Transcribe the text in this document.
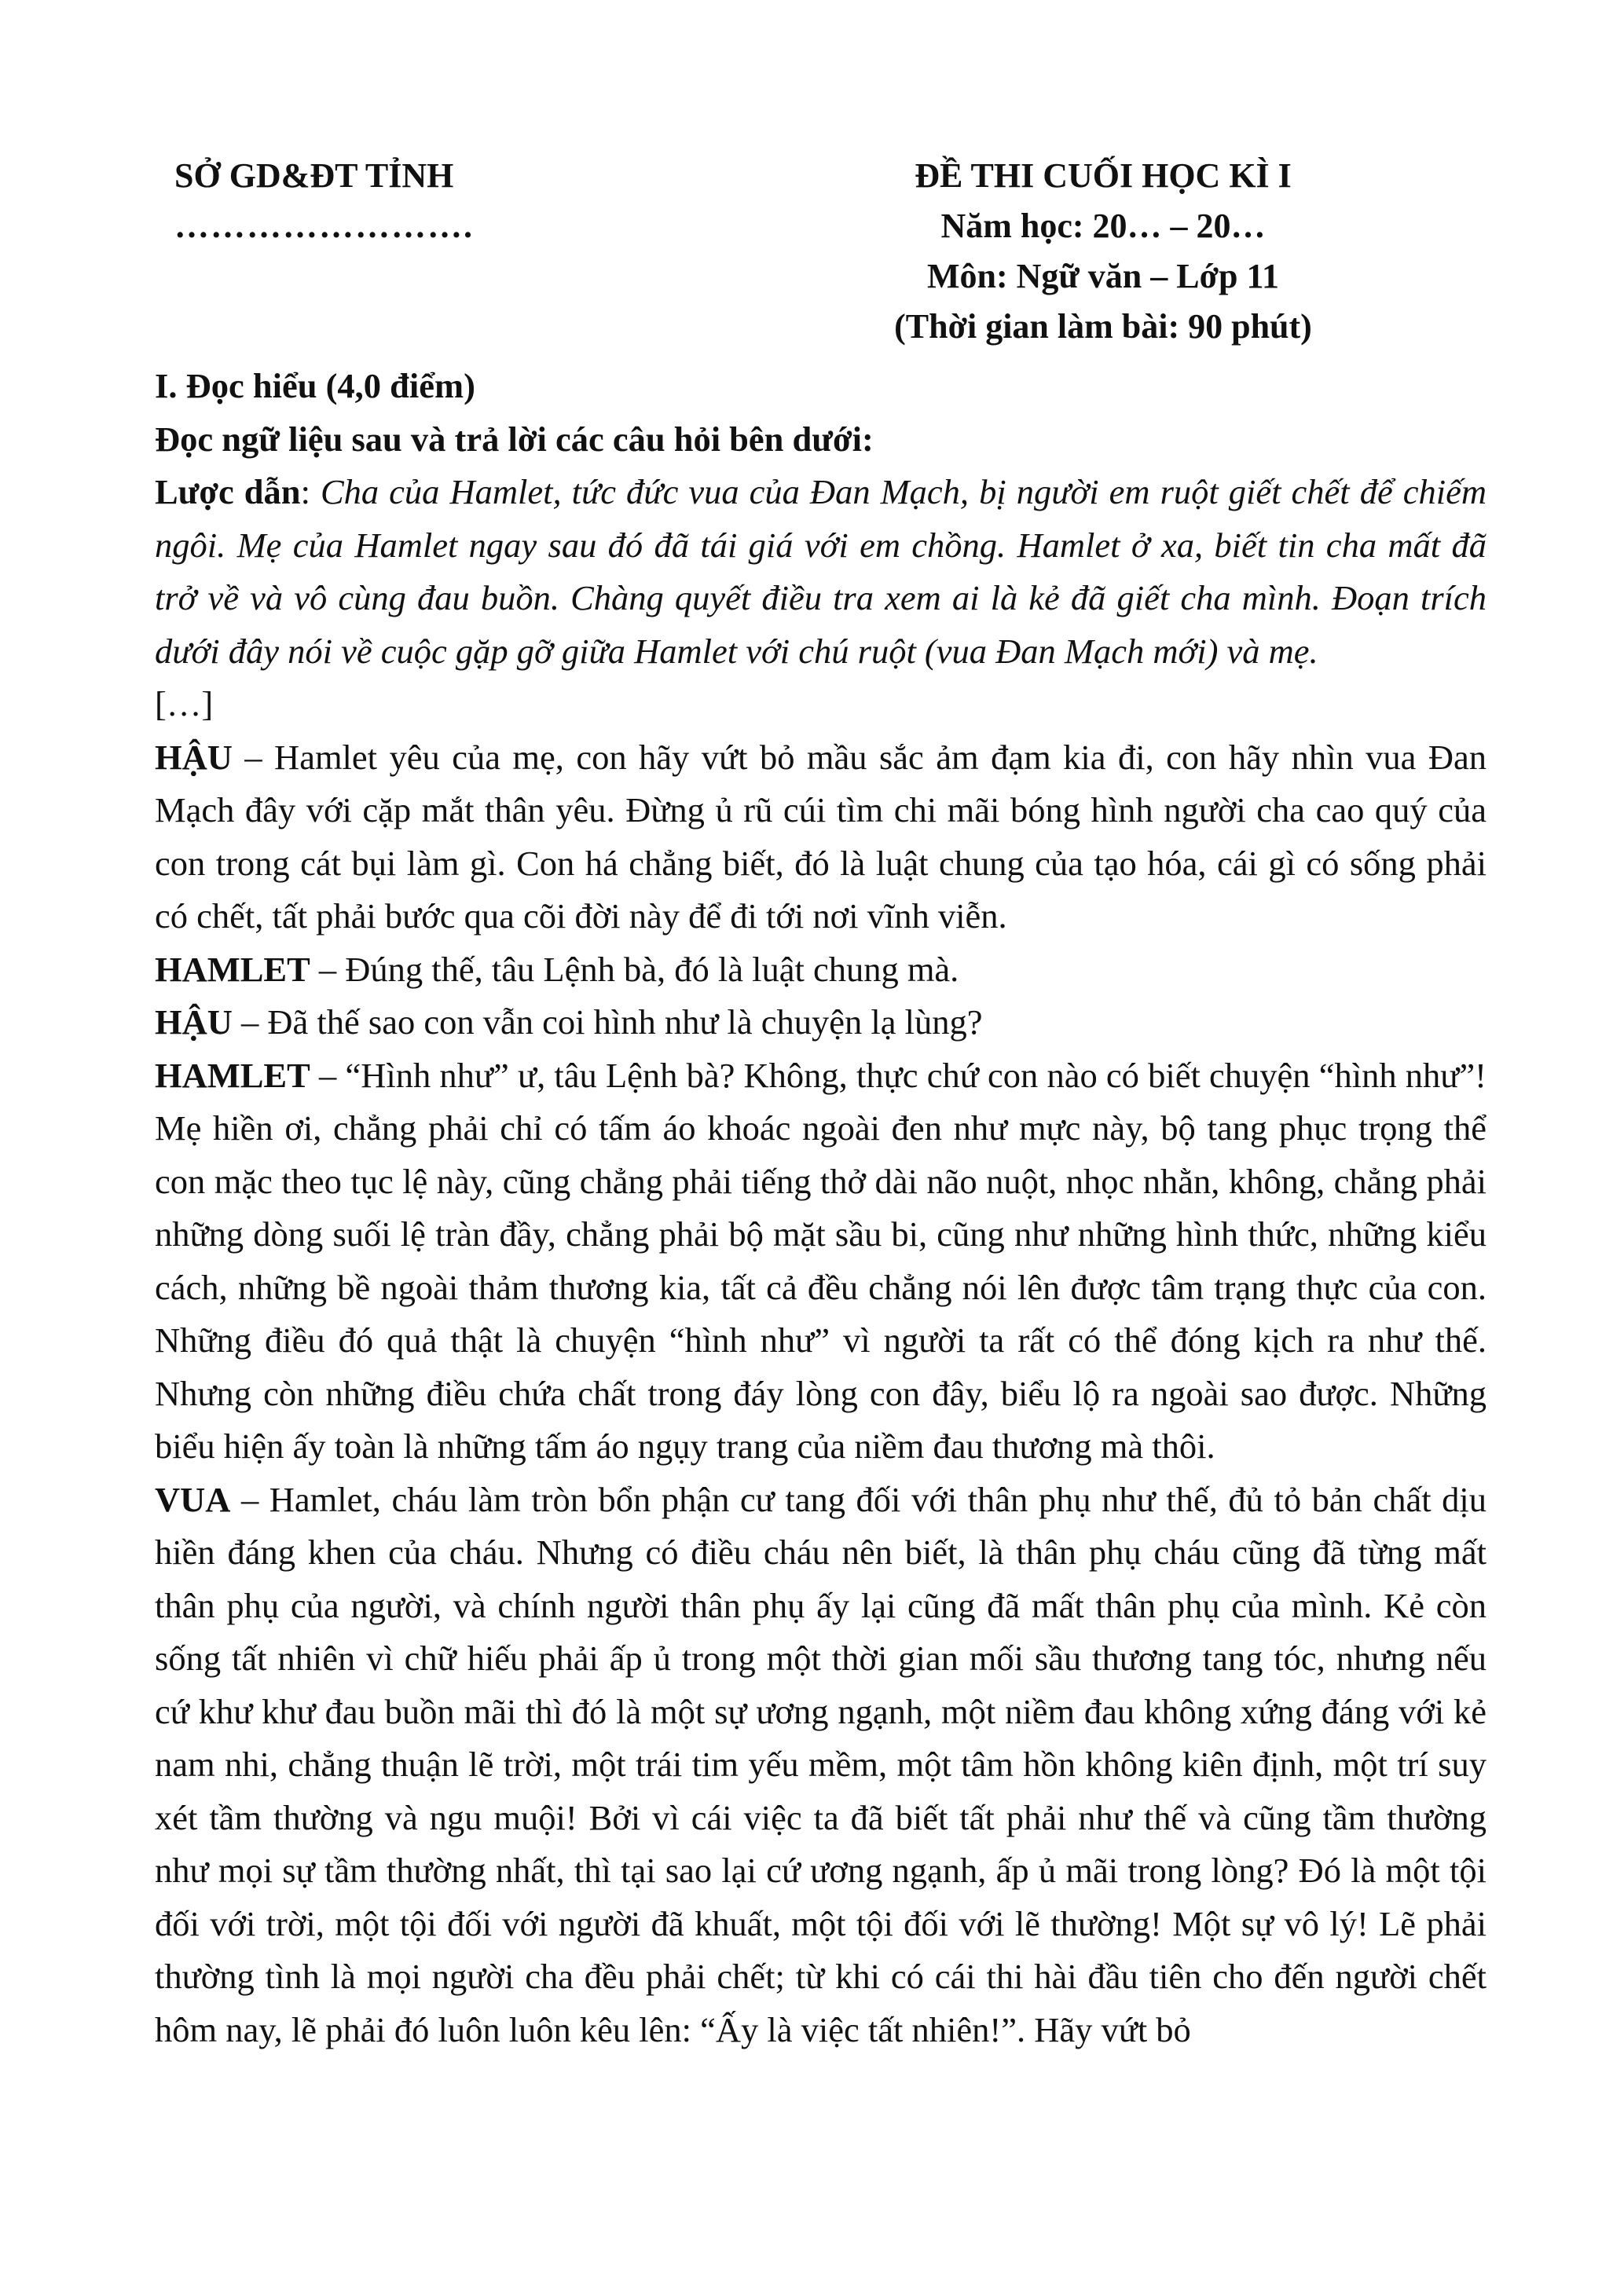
SỞ GD&ĐT TỈNH
…………………….
ĐỀ THI CUỐI HỌC KÌ I
Năm học: 20… – 20…
Môn: Ngữ văn – Lớp 11
(Thời gian làm bài: 90 phút)

I. Đọc hiểu (4,0 điểm)

Đọc ngữ liệu sau và trả lời các câu hỏi bên dưới:

Lược dẫn: Cha của Hamlet, tức đức vua của Đan Mạch, bị người em ruột giết chết để chiếm ngôi. Mẹ của Hamlet ngay sau đó đã tái giá với em chồng. Hamlet ở xa, biết tin cha mất đã trở về và vô cùng đau buồn. Chàng quyết điều tra xem ai là kẻ đã giết cha mình. Đoạn trích dưới đây nói về cuộc gặp gỡ giữa Hamlet với chú ruột (vua Đan Mạch mới) và mẹ.

[…]

HẬU – Hamlet yêu của mẹ, con hãy vứt bỏ mầu sắc ảm đạm kia đi, con hãy nhìn vua Đan Mạch đây với cặp mắt thân yêu. Đừng ủ rũ cúi tìm chi mãi bóng hình người cha cao quý của con trong cát bụi làm gì. Con há chẳng biết, đó là luật chung của tạo hóa, cái gì có sống phải có chết, tất phải bước qua cõi đời này để đi tới nơi vĩnh viễn.

HAMLET – Đúng thế, tâu Lệnh bà, đó là luật chung mà.

HẬU – Đã thế sao con vẫn coi hình như là chuyện lạ lùng?

HAMLET – “Hình như” ư, tâu Lệnh bà? Không, thực chứ con nào có biết chuyện “hình như”! Mẹ hiền ơi, chẳng phải chỉ có tấm áo khoác ngoài đen như mực này, bộ tang phục trọng thể con mặc theo tục lệ này, cũng chẳng phải tiếng thở dài não nuột, nhọc nhằn, không, chẳng phải những dòng suối lệ tràn đầy, chẳng phải bộ mặt sầu bi, cũng như những hình thức, những kiểu cách, những bề ngoài thảm thương kia, tất cả đều chẳng nói lên được tâm trạng thực của con. Những điều đó quả thật là chuyện “hình như” vì người ta rất có thể đóng kịch ra như thế. Nhưng còn những điều chứa chất trong đáy lòng con đây, biểu lộ ra ngoài sao được. Những biểu hiện ấy toàn là những tấm áo ngụy trang của niềm đau thương mà thôi.

VUA – Hamlet, cháu làm tròn bổn phận cư tang đối với thân phụ như thế, đủ tỏ bản chất dịu hiền đáng khen của cháu. Nhưng có điều cháu nên biết, là thân phụ cháu cũng đã từng mất thân phụ của người, và chính người thân phụ ấy lại cũng đã mất thân phụ của mình. Kẻ còn sống tất nhiên vì chữ hiếu phải ấp ủ trong một thời gian mối sầu thương tang tóc, nhưng nếu cứ khư khư đau buồn mãi thì đó là một sự ương ngạnh, một niềm đau không xứng đáng với kẻ nam nhi, chẳng thuận lẽ trời, một trái tim yếu mềm, một tâm hồn không kiên định, một trí suy xét tầm thường và ngu muội! Bởi vì cái việc ta đã biết tất phải như thế và cũng tầm thường như mọi sự tầm thường nhất, thì tại sao lại cứ ương ngạnh, ấp ủ mãi trong lòng? Đó là một tội đối với trời, một tội đối với người đã khuất, một tội đối với lẽ thường! Một sự vô lý! Lẽ phải thường tình là mọi người cha đều phải chết; từ khi có cái thi hài đầu tiên cho đến người chết hôm nay, lẽ phải đó luôn luôn kêu lên: “Ấy là việc tất nhiên!”. Hãy vứt bỏ
